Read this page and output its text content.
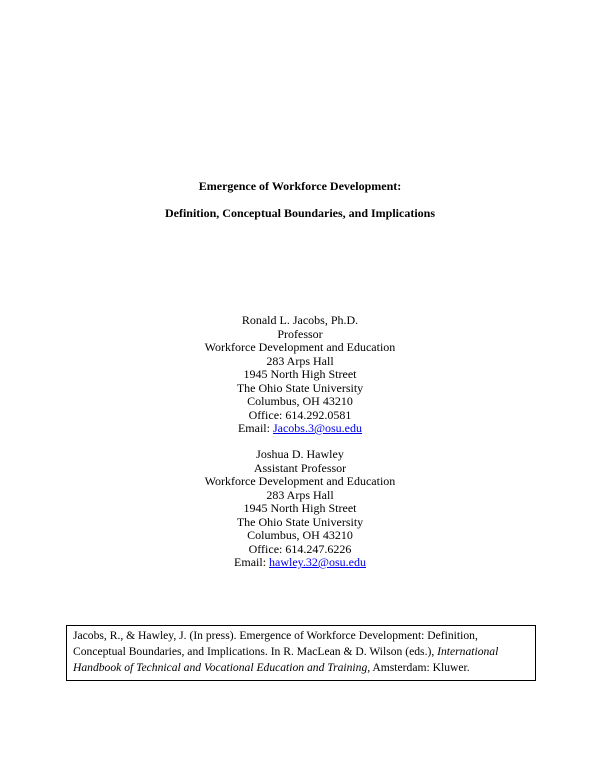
Emergence of Workforce Development:
Definition, Conceptual Boundaries, and Implications
Ronald L. Jacobs, Ph.D.
Professor
Workforce Development and Education
283 Arps Hall
1945 North High Street
The Ohio State University
Columbus, OH 43210
Office: 614.292.0581
Email: Jacobs.3@osu.edu
Joshua D. Hawley
Assistant Professor
Workforce Development and Education
283 Arps Hall
1945 North High Street
The Ohio State University
Columbus, OH 43210
Office: 614.247.6226
Email: hawley.32@osu.edu
Jacobs, R., & Hawley, J. (In press). Emergence of Workforce Development: Definition, Conceptual Boundaries, and Implications. In R. MacLean & D. Wilson (eds.), International Handbook of Technical and Vocational Education and Training, Amsterdam: Kluwer.
